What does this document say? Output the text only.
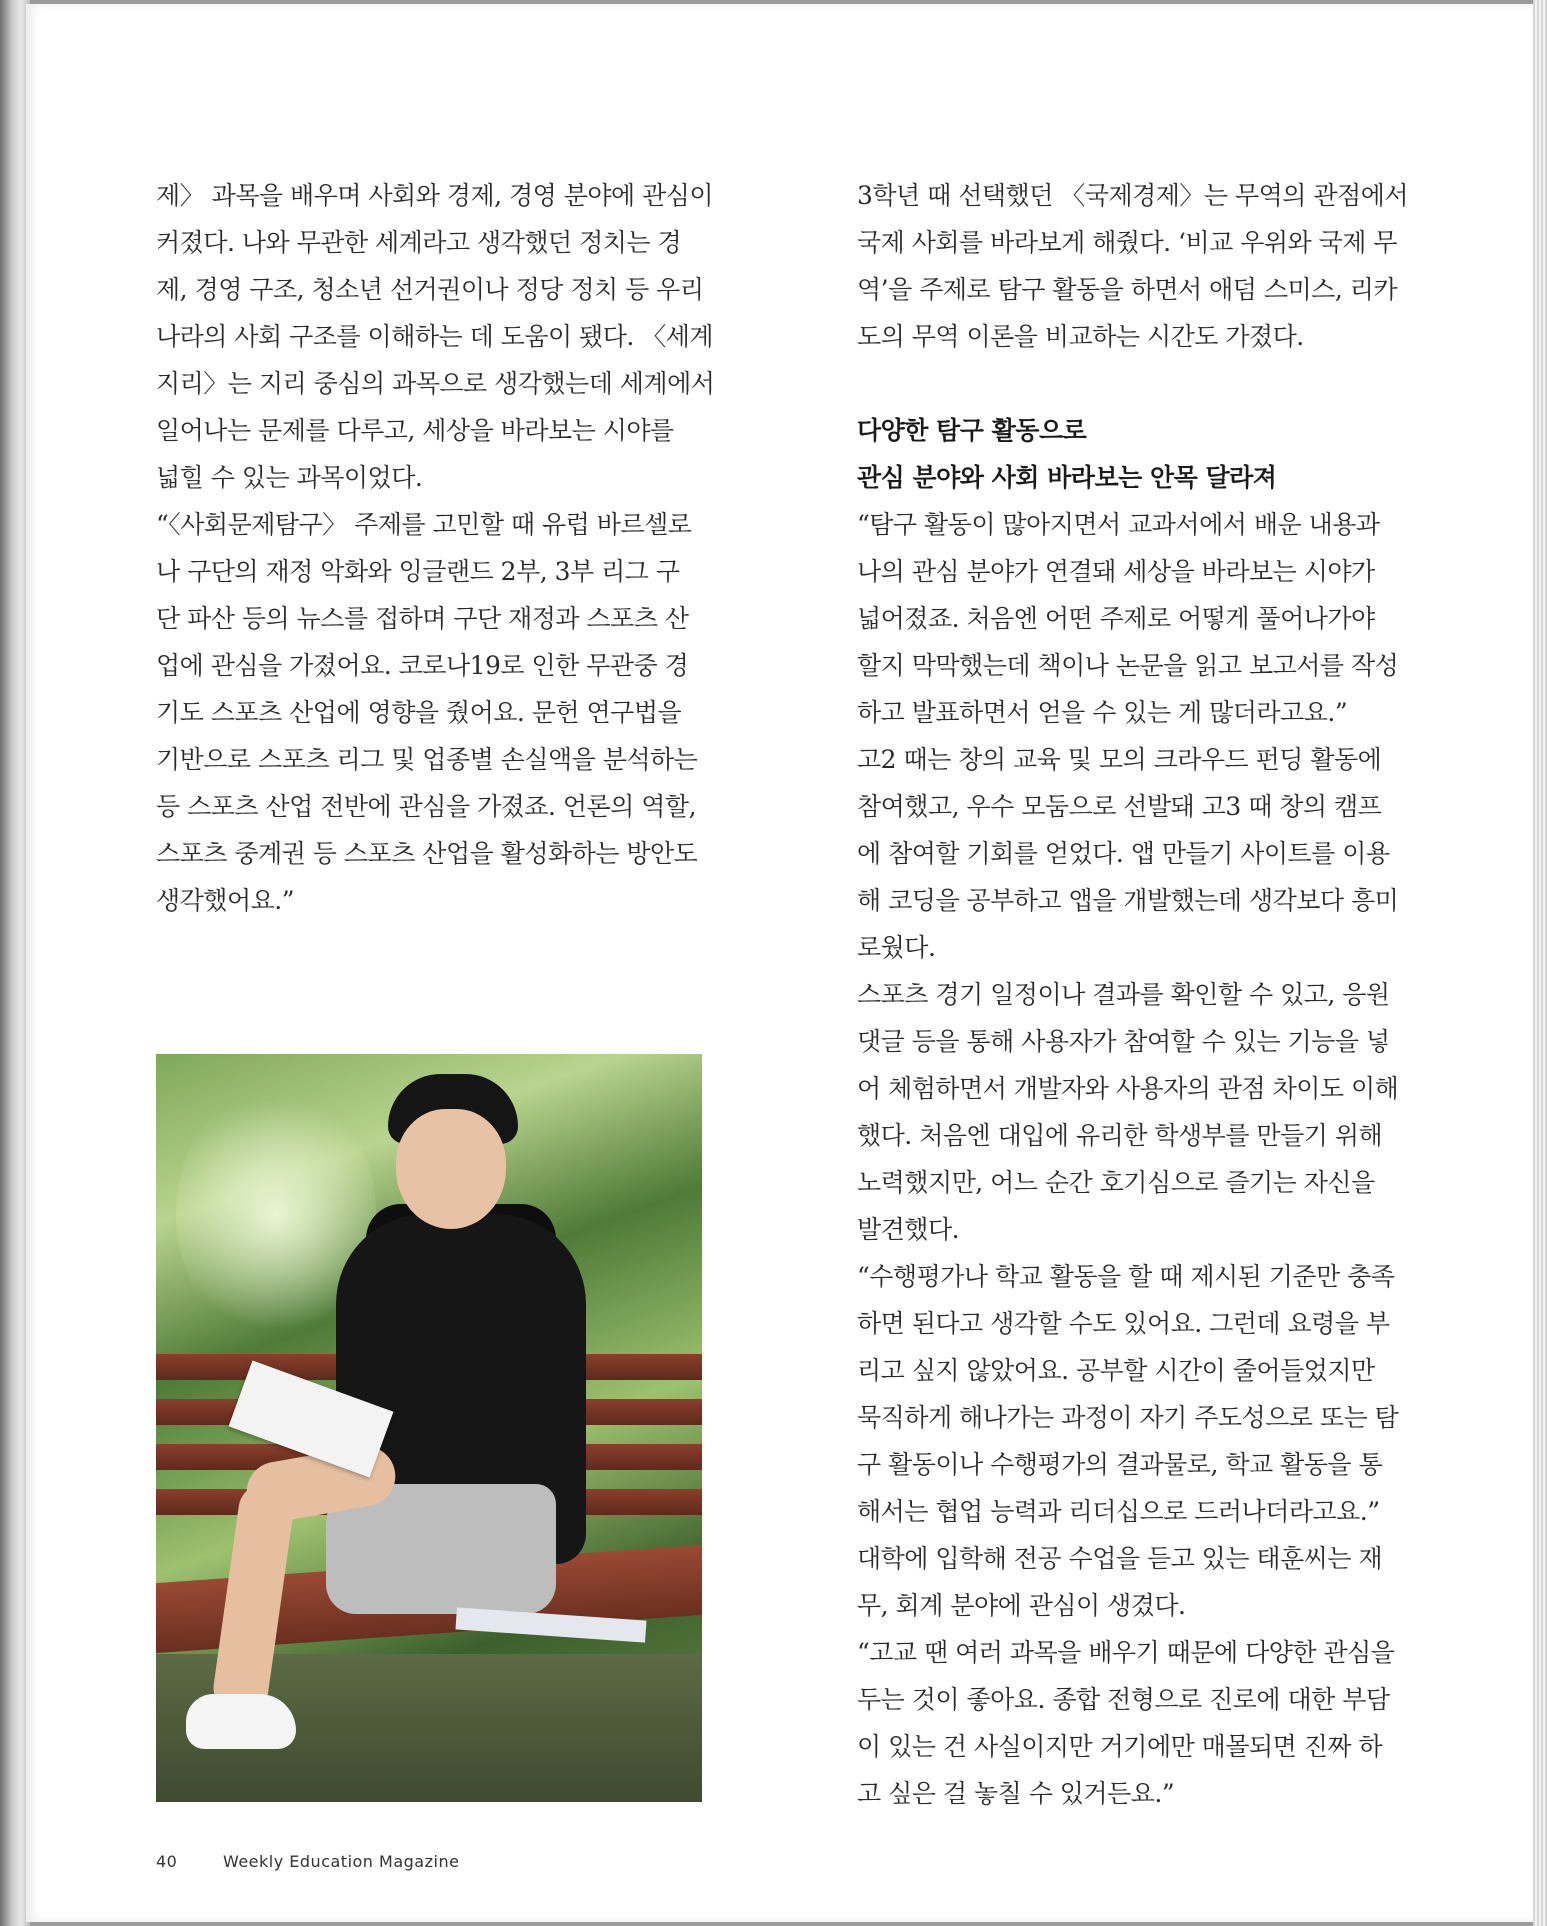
제〉 과목을 배우며 사회와 경제, 경영 분야에 관심이
커졌다. 나와 무관한 세계라고 생각했던 정치는 경
제, 경영 구조, 청소년 선거권이나 정당 정치 등 우리
나라의 사회 구조를 이해하는 데 도움이 됐다. 〈세계
지리〉는 지리 중심의 과목으로 생각했는데 세계에서
일어나는 문제를 다루고, 세상을 바라보는 시야를
넓힐 수 있는 과목이었다.

“〈사회문제탐구〉 주제를 고민할 때 유럽 바르셀로
나 구단의 재정 악화와 잉글랜드 2부, 3부 리그 구
단 파산 등의 뉴스를 접하며 구단 재정과 스포츠 산
업에 관심을 가졌어요. 코로나19로 인한 무관중 경
기도 스포츠 산업에 영향을 줬어요. 문헌 연구법을
기반으로 스포츠 리그 및 업종별 손실액을 분석하는
등 스포츠 산업 전반에 관심을 가졌죠. 언론의 역할,
스포츠 중계권 등 스포츠 산업을 활성화하는 방안도
생각했어요.”

3학년 때 선택했던 〈국제경제〉는 무역의 관점에서
국제 사회를 바라보게 해줬다. ‘비교 우위와 국제 무
역’을 주제로 탐구 활동을 하면서 애덤 스미스, 리카
도의 무역 이론을 비교하는 시간도 가졌다.

다양한 탐구 활동으로
관심 분야와 사회 바라보는 안목 달라져

“탐구 활동이 많아지면서 교과서에서 배운 내용과
나의 관심 분야가 연결돼 세상을 바라보는 시야가
넓어졌죠. 처음엔 어떤 주제로 어떻게 풀어나가야
할지 막막했는데 책이나 논문을 읽고 보고서를 작성
하고 발표하면서 얻을 수 있는 게 많더라고요.”

고2 때는 창의 교육 및 모의 크라우드 펀딩 활동에
참여했고, 우수 모둠으로 선발돼 고3 때 창의 캠프
에 참여할 기회를 얻었다. 앱 만들기 사이트를 이용
해 코딩을 공부하고 앱을 개발했는데 생각보다 흥미
로웠다.

스포츠 경기 일정이나 결과를 확인할 수 있고, 응원
댓글 등을 통해 사용자가 참여할 수 있는 기능을 넣
어 체험하면서 개발자와 사용자의 관점 차이도 이해
했다. 처음엔 대입에 유리한 학생부를 만들기 위해
노력했지만, 어느 순간 호기심으로 즐기는 자신을
발견했다.

“수행평가나 학교 활동을 할 때 제시된 기준만 충족
하면 된다고 생각할 수도 있어요. 그런데 요령을 부
리고 싶지 않았어요. 공부할 시간이 줄어들었지만
묵직하게 해나가는 과정이 자기 주도성으로 또는 탐
구 활동이나 수행평가의 결과물로, 학교 활동을 통
해서는 협업 능력과 리더십으로 드러나더라고요.”

대학에 입학해 전공 수업을 듣고 있는 태훈씨는 재
무, 회계 분야에 관심이 생겼다.

“고교 땐 여러 과목을 배우기 때문에 다양한 관심을
두는 것이 좋아요. 종합 전형으로 진로에 대한 부담
이 있는 건 사실이지만 거기에만 매몰되면 진짜 하
고 싶은 걸 놓칠 수 있거든요.”

40	Weekly Education Magazine
